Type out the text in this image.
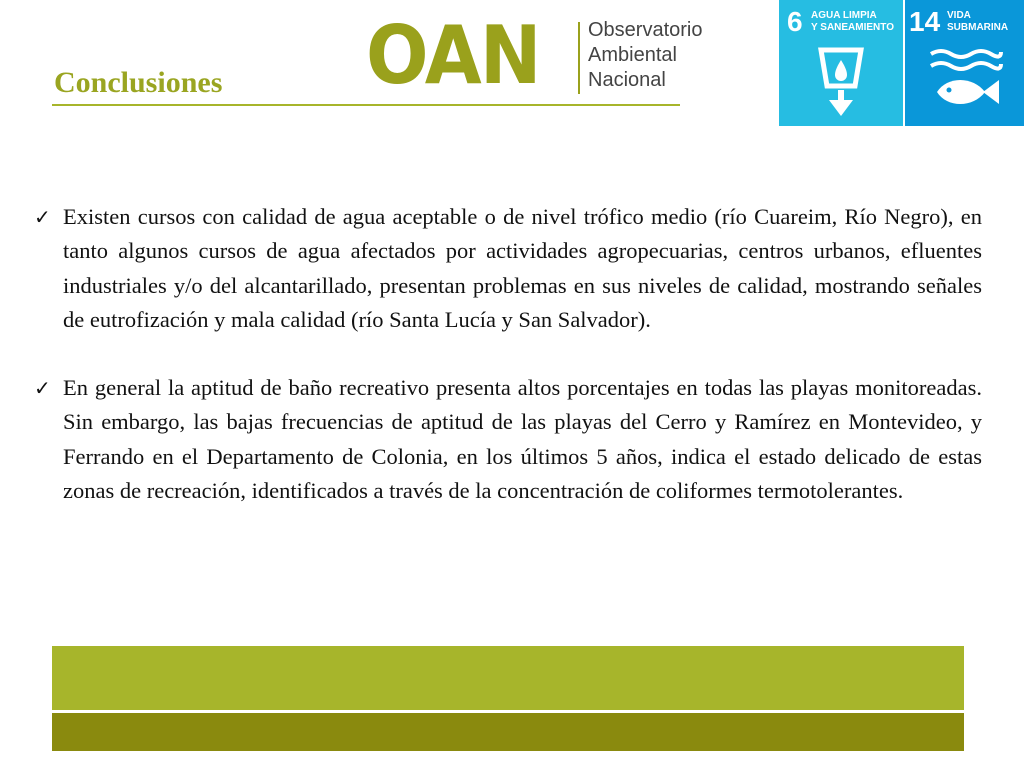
Conclusiones OAN Observatorio
Ambiental
Nacional
6 AGUA LIMPIA
Y SANEAMIENTO 14 VIDA
SUBMARINA
✓ Existen cursos con calidad de agua aceptable o de nivel trófico medio (río Cuareim, Río Negro), en tanto algunos cursos de agua afectados por actividades agropecuarias, centros urbanos, efluentes industriales y/o del alcantarillado, presentan problemas en sus niveles de calidad, mostrando señales de eutrofización y mala calidad (río Santa Lucía y San Salvador).
✓ En general la aptitud de baño recreativo presenta altos porcentajes en todas las playas monitoreadas. Sin embargo, las bajas frecuencias de aptitud de las playas del Cerro y Ramírez en Montevideo, y Ferrando en el Departamento de Colonia, en los últimos 5 años, indica el estado delicado de estas zonas de recreación, identificados a través de la concentración de coliformes termotolerantes.
